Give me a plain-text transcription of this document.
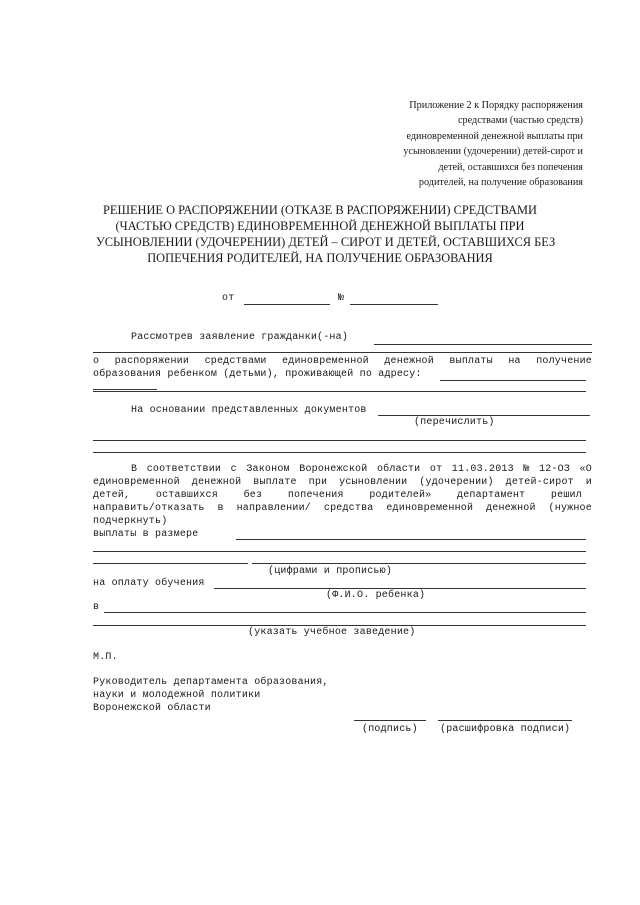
Приложение 2 к Порядку распоряжения
средствами (частью средств)
единовременной денежной выплаты при
усыновлении (удочерении) детей-сирот и
детей, оставшихся без попечения
родителей, на получение образования
РЕШЕНИЕ О РАСПОРЯЖЕНИИ (ОТКАЗЕ В РАСПОРЯЖЕНИИ) СРЕДСТВАМИ
(ЧАСТЬЮ СРЕДСТВ) ЕДИНОВРЕМЕННОЙ ДЕНЕЖНОЙ ВЫПЛАТЫ ПРИ
УСЫНОВЛЕНИИ (УДОЧЕРЕНИИ) ДЕТЕЙ – СИРОТ И ДЕТЕЙ, ОСТАВШИХСЯ БЕЗ
ПОПЕЧЕНИЯ РОДИТЕЛЕЙ, НА ПОЛУЧЕНИЕ ОБРАЗОВАНИЯ
от	№
Рассмотрев заявление гражданки(-на)
о распоряжении средствами единовременной денежной выплаты на получение
образования ребенком (детьми), проживающей по адресу:
На основании представленных документов
(перечислить)
В соответствии с Законом Воронежской области от 11.03.2013 № 12-ОЗ «О
единовременной денежной выплате при усыновлении (удочерении) детей-сирот и
детей,	оставшихся	без	попечения	родителей»	департамент	решил
направить/отказать в направлении/ средства единовременной денежной (нужное
подчеркнуть)
выплаты в размере
(цифрами и прописью)
на оплату обучения
(Ф.И.О. ребенка)
в
(указать учебное заведение)
М.П.
Руководитель департамента образования,
науки и молодежной политики
Воронежской области
(подпись) (расшифровка подписи)
